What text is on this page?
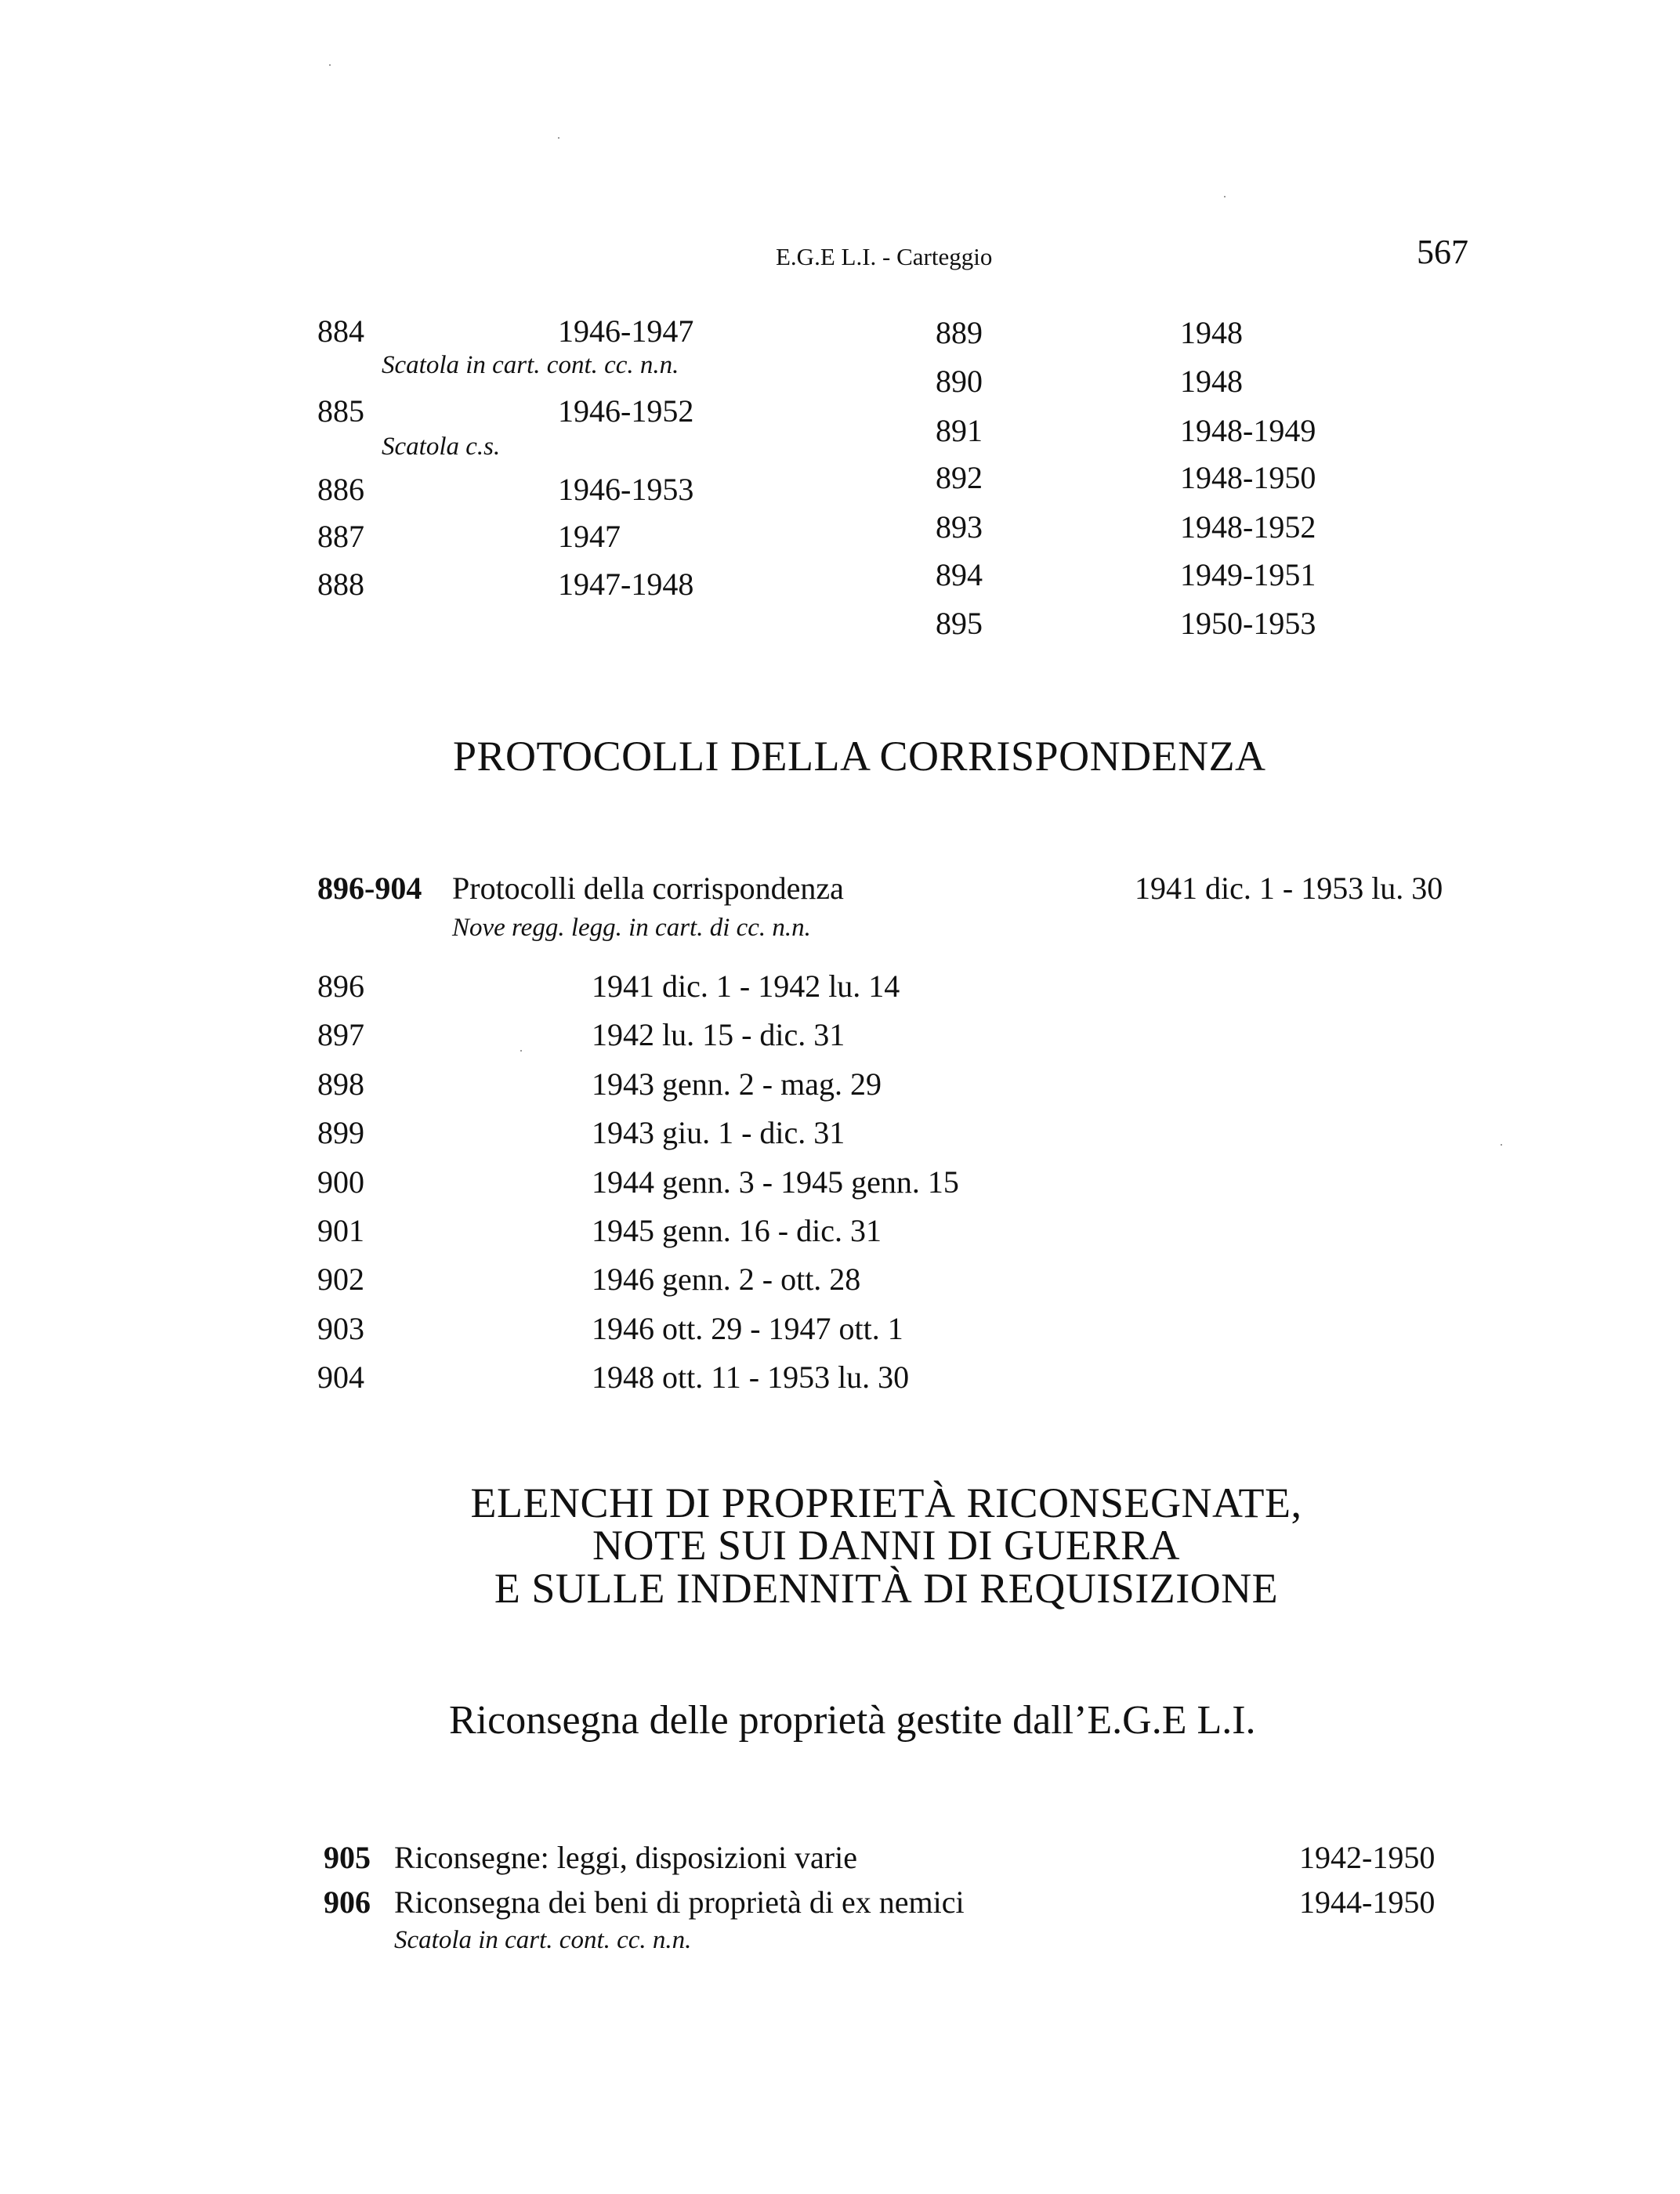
E.G.E L.I. - Carteggio	567
884	1946-1947
Scatola in cart. cont. cc. n.n.
885	1946-1952
Scatola c.s.
886	1946-1953
887	1947
888	1947-1948
889	1948
890	1948
891	1948-1949
892	1948-1950
893	1948-1952
894	1949-1951
895	1950-1953
PROTOCOLLI DELLA CORRISPONDENZA
896-904 Protocolli della corrispondenza	1941 dic. 1 - 1953 lu. 30
Nove regg. legg. in cart. di cc. n.n.
896	1941 dic. 1 - 1942 lu. 14
897	1942 lu. 15 - dic. 31
898	1943 genn. 2 - mag. 29
899	1943 giu. 1 - dic. 31
900	1944 genn. 3 - 1945 genn. 15
901	1945 genn. 16 - dic. 31
902	1946 genn. 2 - ott. 28
903	1946 ott. 29 - 1947 ott. 1
904	1948 ott. 11 - 1953 lu. 30
ELENCHI DI PROPRIETÀ RICONSEGNATE,
NOTE SUI DANNI DI GUERRA
E SULLE INDENNITÀ DI REQUISIZIONE
Riconsegna delle proprietà gestite dall’E.G.E L.I.
905 Riconsegne: leggi, disposizioni varie	1942-1950
906 Riconsegna dei beni di proprietà di ex nemici	1944-1950
Scatola in cart. cont. cc. n.n.
